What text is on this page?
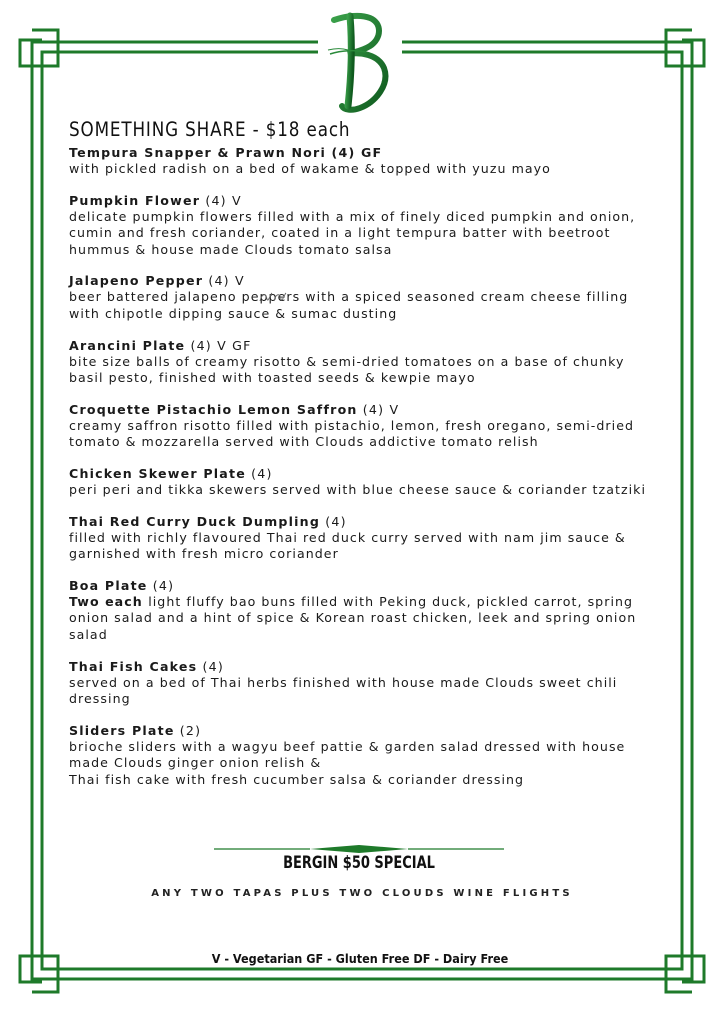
SOMETHING SHARE - $18 each
Tempura Snapper & Prawn Nori (4) GF
with pickled radish on a bed of wakame & topped with yuzu mayo
Pumpkin Flower (4) V
delicate pumpkin flowers filled with a mix of finely diced pumpkin and onion, cumin and fresh coriander, coated in a light tempura batter with beetroot hummus & house made Clouds tomato salsa
Jalapeno Pepper (4) V
beer battered jalapeno peppers with a spiced seasoned cream cheese filling with chipotle dipping sauce & sumac dusting
Arancini Plate (4) V GF
bite size balls of creamy risotto & semi-dried tomatoes on a base of chunky basil pesto, finished with toasted seeds & kewpie mayo
Croquette Pistachio Lemon Saffron (4) V
creamy saffron risotto filled with pistachio, lemon, fresh oregano, semi-dried tomato & mozzarella served with Clouds addictive tomato relish
Chicken Skewer Plate (4)
peri peri and tikka skewers served with blue cheese sauce & coriander tzatziki
Thai Red Curry Duck Dumpling (4)
filled with richly flavoured Thai red duck curry served with nam jim sauce & garnished with fresh micro coriander
Boa Plate (4)
Two each light fluffy bao buns filled with Peking duck, pickled carrot, spring onion salad and a hint of spice & Korean roast chicken, leek and spring onion salad
Thai Fish Cakes (4)
served on a bed of Thai herbs finished with house made Clouds sweet chili dressing
Sliders Plate (2)
brioche sliders with a wagyu beef pattie & garden salad dressed with house made Clouds ginger onion relish &
Thai fish cake with fresh cucumber salsa & coriander dressing
BERGIN $50 SPECIAL
ANY TWO TAPAS PLUS TWO CLOUDS WINE FLIGHTS
V - Vegetarian GF - Gluten Free DF - Dairy Free
